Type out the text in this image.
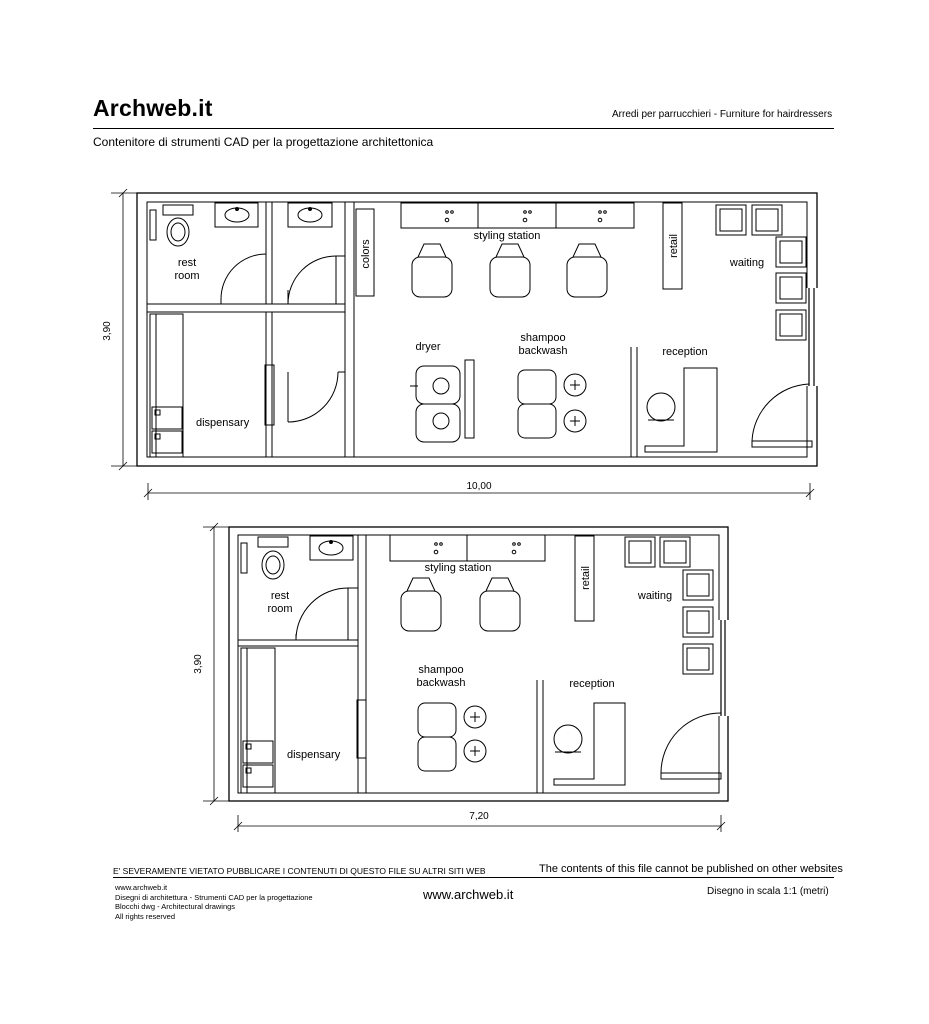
Archweb.it	Arredi per parrucchieri - Furniture for hairdressers
Contenitore di strumenti CAD per la progettazione architettonica
rest
room
dispensary
colors
styling station	retail
waiting
dryer
shampoo
backwash	reception
3,90
10,00
rest
room
dispensary
styling station	retail
waiting
shampoo
backwash	reception
3,90
7,20
E' SEVERAMENTE VIETATO PUBBLICARE I CONTENUTI DI QUESTO FILE SU ALTRI SITI WEB	The contents of this file cannot be published on other websites
www.archweb.it
Disegni di architettura - Strumenti CAD per la progettazione
Blocchi dwg - Architectural drawings
All rights reserved
www.archweb.it	Disegno in scala 1:1 (metri)
